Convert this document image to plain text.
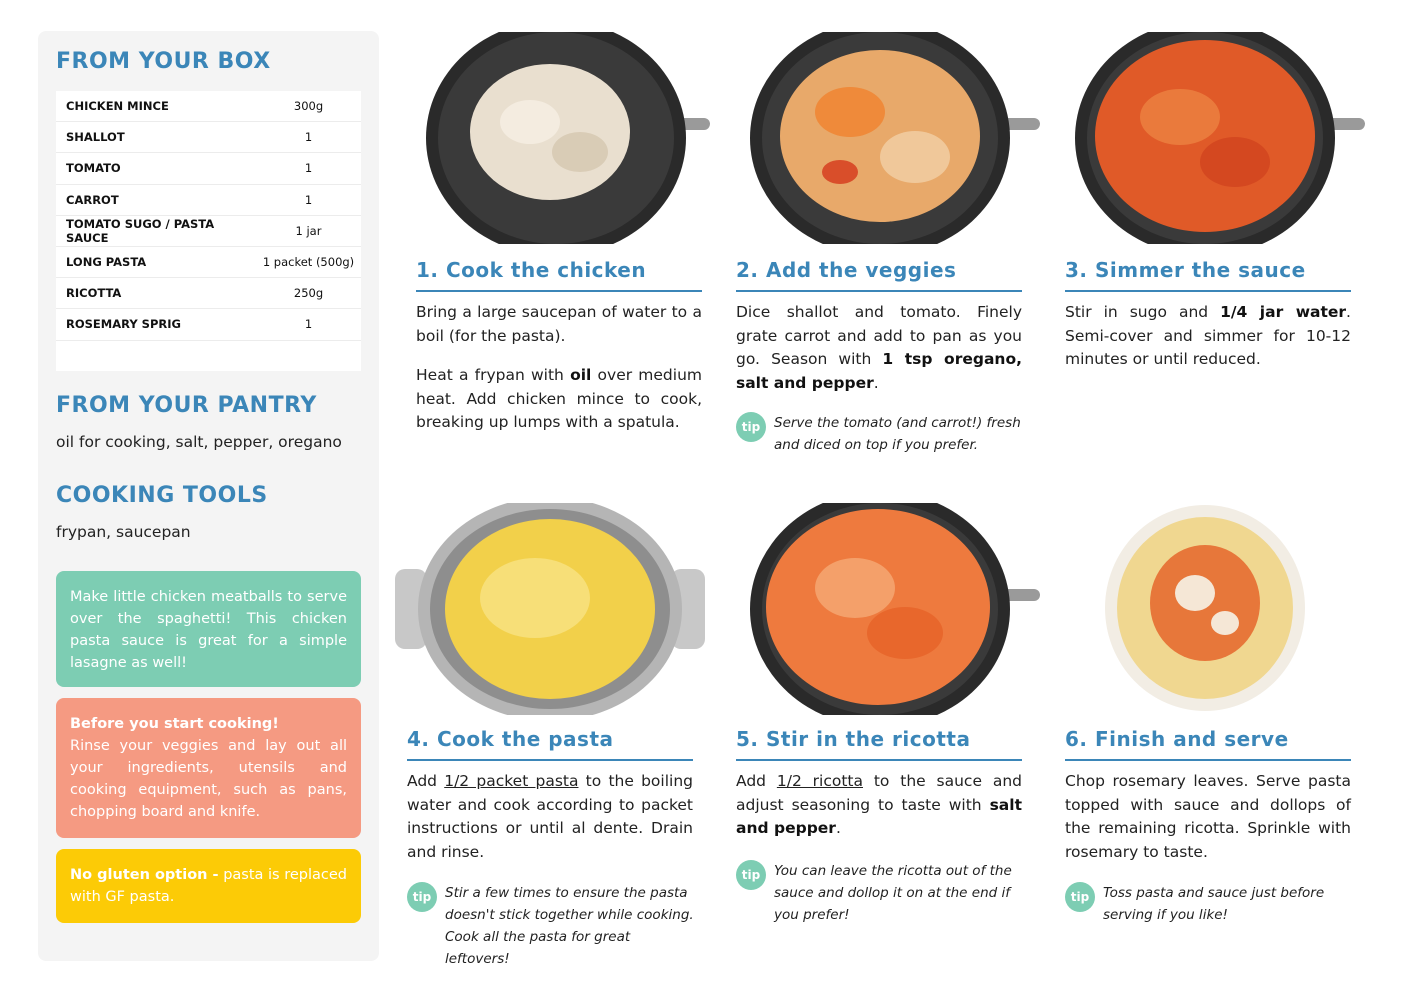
FROM YOUR BOX
CHICKEN MINCE	300g
SHALLOT	1
TOMATO	1
CARROT	1
TOMATO SUGO / PASTA SAUCE	1 jar
LONG PASTA	1 packet (500g)
RICOTTA	250g
ROSEMARY SPRIG	1
FROM YOUR PANTRY
oil for cooking, salt, pepper, oregano
COOKING TOOLS
frypan, saucepan
Make little chicken meatballs to serve over the spaghetti! This chicken pasta sauce is great for a simple lasagne as well!
Before you start cooking!
Rinse your veggies and lay out all your ingredients, utensils and cooking equipment, such as pans, chopping board and knife.
No gluten option - pasta is replaced with GF pasta.
1. Cook the chicken

Bring a large saucepan of water to a boil (for the pasta).

Heat a frypan with oil over medium heat. Add chicken mince to cook, breaking up lumps with a spatula.

2. Add the veggies

Dice shallot and tomato. Finely grate carrot and add to pan as you go. Season with 1 tsp oregano, salt and pepper.

tip	Serve the tomato (and carrot!) fresh and diced on top if you prefer.
3. Simmer the sauce

Stir in sugo and 1/4 jar water. Semi-cover and simmer for 10-12 minutes or until reduced.

4. Cook the pasta

Add 1/2 packet pasta to the boiling water and cook according to packet instructions or until al dente. Drain and rinse.

tip	Stir a few times to ensure the pasta doesn't stick together while cooking. Cook all the pasta for great leftovers!
5. Stir in the ricotta

Add 1/2 ricotta to the sauce and adjust seasoning to taste with salt and pepper.

tip	You can leave the ricotta out of the sauce and dollop it on at the end if you prefer!
6. Finish and serve

Chop rosemary leaves. Serve pasta topped with sauce and dollops of the remaining ricotta. Sprinkle with rosemary to taste.

tip	Toss pasta and sauce just before serving if you like!
